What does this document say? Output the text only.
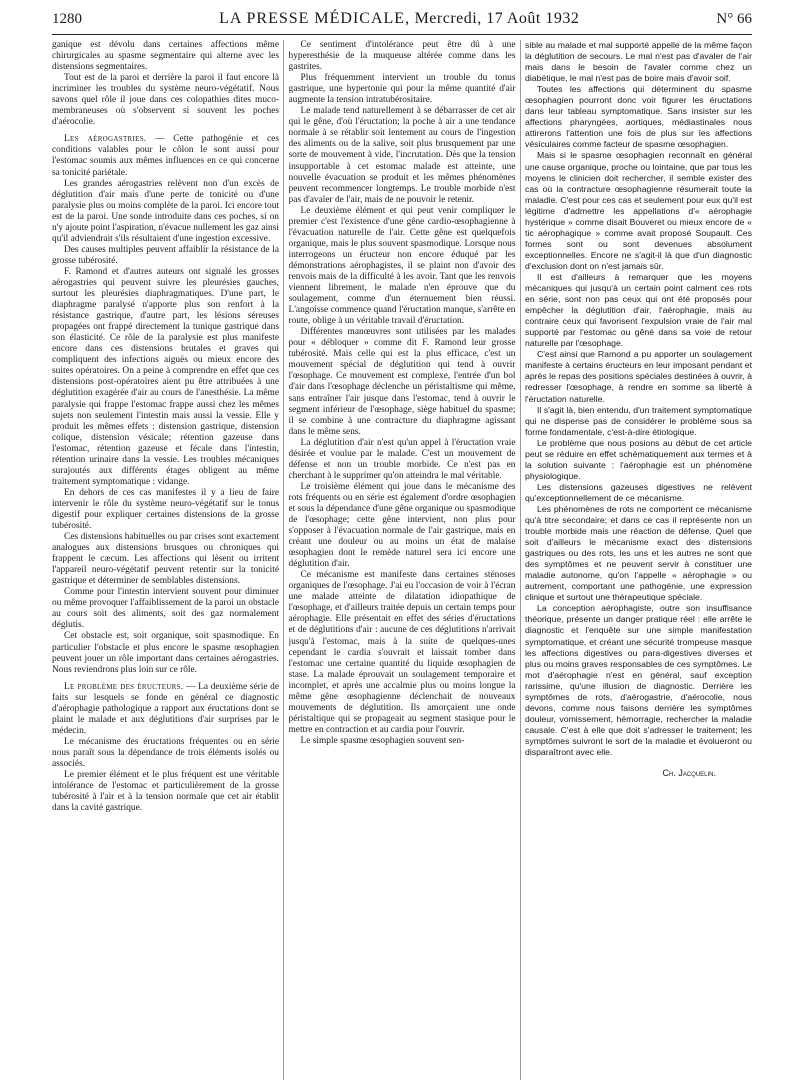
1280	LA PRESSE MÉDICALE, Mercredi, 17 Août 1932	N° 66

ganique est dévolu dans certaines affections même chirurgicales au spasme segmentaire qui alterne avec les distensions segmentaires.

Tout est de la paroi et derrière la paroi il faut encore là incriminer les troubles du système neuro-végétatif. Nous savons quel rôle il joue dans ces colopathies dites muco-membraneuses où s'observent si souvent les poches d'aérocolie.

Les aérogastries. — Cette pathogénie et ces conditions valables pour le côlon le sont aussi pour l'estomac soumis aux mêmes influences en ce qui concerne sa tonicité pariétale.

Les grandes aérogastries relèvent non d'un excès de déglutition d'air mais d'une perte de tonicité ou d'une paralysie plus ou moins complète de la paroi. Ici encore tout est de la paroi. Une sonde introduite dans ces poches, si on n'y ajoute point l'aspiration, n'évacue nullement les gaz ainsi qu'il adviendrait s'ils résultaient d'une ingestion excessive.

Des causes multiples peuvent affaiblir la résistance de la grosse tubérosité.

F. Ramond et d'autres auteurs ont signalé les grosses aérogastries qui peuvent suivre les pleurésies gauches, surtout les pleurésies diaphragmatiques. D'une part, le diaphragme paralysé n'apporte plus son renfort à la résistance gastrique, d'autre part, les lésions séreuses propagées ont frappé directement la tunique gastrique dans son élasticité. Ce rôle de la paralysie est plus manifeste encore dans ces distensions brutales et graves qui compliquent des infections aiguës ou mieux encore des suites opératoires. On a peine à comprendre en effet que ces distensions post-opératoires aient pu être attribuées à une déglutition exagérée d'air au cours de l'anesthésie. La même paralysie qui frappe l'estomac frappe aussi chez les mêmes sujets non seulement l'intestin mais aussi la vessie. Elle y produit les mêmes effets : distension gastrique, distension colique, distension vésicale; rétention gazeuse dans l'estomac, rétention gazeuse et fécale dans l'intestin, rétention urinaire dans la vessie. Les troubles mécaniques surajoutés aux différents étages obligent au même traitement symptomatique : vidange.

En dehors de ces cas manifestes il y a lieu de faire intervenir le rôle du système neuro-végétatif sur le tonus digestif pour expliquer certaines distensions de la grosse tubérosité.

Ces distensions habituelles ou par crises sont exactement analogues aux distensions brusques ou chroniques qui frappent le cæcum. Les affections qui lèsent ou irritent l'appareil neuro-végétatif peuvent retentir sur la tonicité gastrique et déterminer de semblables distensions.

Comme pour l'intestin intervient souvent pour diminuer ou même provoquer l'affaiblissement de la paroi un obstacle au cours soit des aliments, soit des gaz normalement déglutis.

Cet obstacle est, soit organique, soit spasmodique. En particulier l'obstacle et plus encore le spasme œsophagien peuvent jouer un rôle important dans certaines aérogastries. Nous reviendrons plus loin sur ce rôle.

Le problème des éructeurs. — La deuxième série de faits sur lesquels se fonde en général ce diagnostic d'aérophagie pathologique a rapport aux éructations dont se plaint le malade et aux déglutitions d'air surprises par le médecin.

Le mécanisme des éructations fréquentes ou en série nous paraît sous la dépendance de trois éléments isolés ou associés.

Le premier élément et le plus fréquent est une véritable intolérance de l'estomac et particulièrement de la grosse tubérosité à l'air et à la tension normale que cet air établit dans la cavité gastrique.

Ce sentiment d'intolérance peut être dû à une hyperesthésie de la muqueuse altérée comme dans les gastrites.

Plus fréquemment intervient un trouble du tonus gastrique, une hypertonie qui pour la même quantité d'air augmente la tension intratubérositaire.

Le malade tend naturellement à se débarrasser de cet air qui le gêne, d'où l'éructation; la poche à air a une tendance normale à se rétablir soit lentement au cours de l'ingestion des aliments ou de la salive, soit plus brusquement par une sorte de mouvement à vide, l'incrutation. Dès que la tension insupportable à cet estomac malade est atteinte, une nouvelle évacuation se produit et les mêmes phénomènes peuvent recommencer longtemps. Le trouble morbide n'est pas d'avaler de l'air, mais de ne pouvoir le retenir.

Le deuxième élément et qui peut venir compliquer le premier c'est l'existence d'une gêne cardio-œsophagienne à l'évacuation naturelle de l'air. Cette gêne est quelquefois organique, mais le plus souvent spasmodique. Lorsque nous interrogeons un éructeur non encore éduqué par les démonstrations aérophagistes, il se plaint non d'avoir des renvois mais de la difficulté à les avoir. Tant que les renvois viennent librement, le malade n'en éprouve que du soulagement, comme d'un éternuement bien réussi. L'angoisse commence quand l'éructation manque, s'arrête en route, oblige à un véritable travail d'éructation.

Différentes manœuvres sont utilisées par les malades pour « débloquer » comme dit F. Ramond leur grosse tubérosité. Mais celle qui est la plus efficace, c'est un mouvement spécial de déglutition qui tend à ouvrir l'œsophage. Ce mouvement est complexe, l'entrée d'un bol d'air dans l'œsophage déclenche un péristaltisme qui même, sans entraîner l'air jusque dans l'estomac, tend à ouvrir le segment inférieur de l'œsophage, siège habituel du spasme; il se combine à une contracture du diaphragme agissant dans le même sens.

La déglutition d'air n'est qu'un appel à l'éructation vraie désirée et voulue par le malade. C'est un mouvement de défense et non un trouble morbide. Ce n'est pas en cherchant à le supprimer qu'on atteindra le mal véritable.

Le troisième élément qui joue dans le mécanisme des rots fréquents ou en série est également d'ordre œsophagien et sous la dépendance d'une gêne organique ou spasmodique de l'œsophage; cette gêne intervient, non plus pour s'opposer à l'évacuation normale de l'air gastrique, mais en créant une douleur ou au moins un état de malaise œsophagien dont le remède naturel sera ici encore une déglutition d'air.

Ce mécanisme est manifeste dans certaines sténoses organiques de l'œsophage. J'ai eu l'occasion de voir à l'écran une malade atteinte de dilatation idiopathique de l'œsophage, et d'ailleurs traitée depuis un certain temps pour aérophagie. Elle présentait en effet des séries d'éructations et de déglutitions d'air : aucune de ces déglutitions n'arrivait jusqu'à l'estomac, mais à la suite de quelques-unes cependant le cardia s'ouvrait et laissait tomber dans l'estomac une certaine quantité du liquide œsophagien de stase. La malade éprouvait un soulagement temporaire et incomplet, et après une accalmie plus ou moins longue la même gêne œsophagienne déclenchait de nouveaux mouvements de déglutition. Ils amorçaient une onde péristaltique qui se propageait au segment stasique pour le mettre en contraction et au cardia pour l'ouvrir.

Le simple spasme œsophagien souvent sen-

sible au malade et mal supporté appelle de la même façon la déglutition de secours. Le mal n'est pas d'avaler de l'air mais dans le besoin de l'avaler comme chez un diabétique, le mal n'est pas de boire mais d'avoir soif.

Toutes les affections qui déterminent du spasme œsophagien pourront donc voir figurer les éructations dans leur tableau symptomatique. Sans insister sur les affections pharyngées, aortiques, médiastinales nous attirerons l'attention une fois de plus sur les affections vésiculaires comme facteur de spasme œsophagien.

Mais si le spasme œsophagien reconnaît en général une cause organique, proche ou lointaine, que par tous les moyens le clinicien doit rechercher, il semble exister des cas où la contracture œsophagienne résumerait toute la maladie. C'est pour ces cas et seulement pour eux qu'il est légitime d'admettre les appellations d'« aérophagie hystérique » comme disait Bouveret ou mieux encore de « tic aérophagique » comme avait proposé Soupault. Ces formes sont ou sont devenues absolument exceptionnelles. Encore ne s'agit-il là que d'un diagnostic d'exclusion dont on n'est jamais sûr.

Il est d'ailleurs à remarquer que les moyens mécaniques qui jusqu'à un certain point calment ces rots en série, sont non pas ceux qui ont été proposés pour empêcher la déglutition d'air, l'aérophagie, mais au contraire ceux qui favorisent l'expulsion vraie de l'air mal supporté par l'estomac ou gêné dans sa voie de retour naturelle par l'œsophage.

C'est ainsi que Ramond a pu apporter un soulagement manifeste à certains éructeurs en leur imposant pendant et après le repas des positions spéciales destinées à ouvrir, à redresser l'œsophage, à rendre en somme sa liberté à l'éructation naturelle.

Il s'agit là, bien entendu, d'un traitement symptomatique qui ne dispense pas de considérer le problème sous sa forme fondamentale, c'est-à-dire étiologique.

Le problème que nous posions au début de cet article peut se réduire en effet schématiquement aux termes et à la solution suivante : l'aérophagie est un phénomène physiologique.

Les distensions gazeuses digestives ne relèvent qu'exceptionnellement de ce mécanisme.

Les phénomènes de rots ne comportent ce mécanisme qu'à titre secondaire; et dans ce cas il représente non un trouble morbide mais une réaction de défense. Quel que soit d'ailleurs le mécanisme exact des distensions gastriques ou des rots, les uns et les autres ne sont que des symptômes et ne peuvent servir à constituer une maladie autonome, qu'on l'appelle « aérophagie » ou autrement, comportant une pathogénie, une expression clinique et surtout une thérapeutique spéciale.

La conception aérophagiste, outre son insuffisance théorique, présente un danger pratique réel : elle arrête le diagnostic et l'enquête sur une simple manifestation symptomatique, et créant une sécurité trompeuse masque les affections digestives ou para-digestives diverses et plus ou moins graves responsables de ces symptômes. Le mot d'aérophagie n'est en général, sauf exception rarissime, qu'une illusion de diagnostic. Derrière les symptômes de rots, d'aérogastrie, d'aérocolie, nous devons, comme nous faisons derrière les symptômes douleur, vomissement, hémorragie, rechercher la maladie causale. C'est à elle que doit s'adresser le traitement; les symptômes suivront le sort de la maladie et évolueront ou disparaîtront avec elle.

Ch. Jacquelin.
